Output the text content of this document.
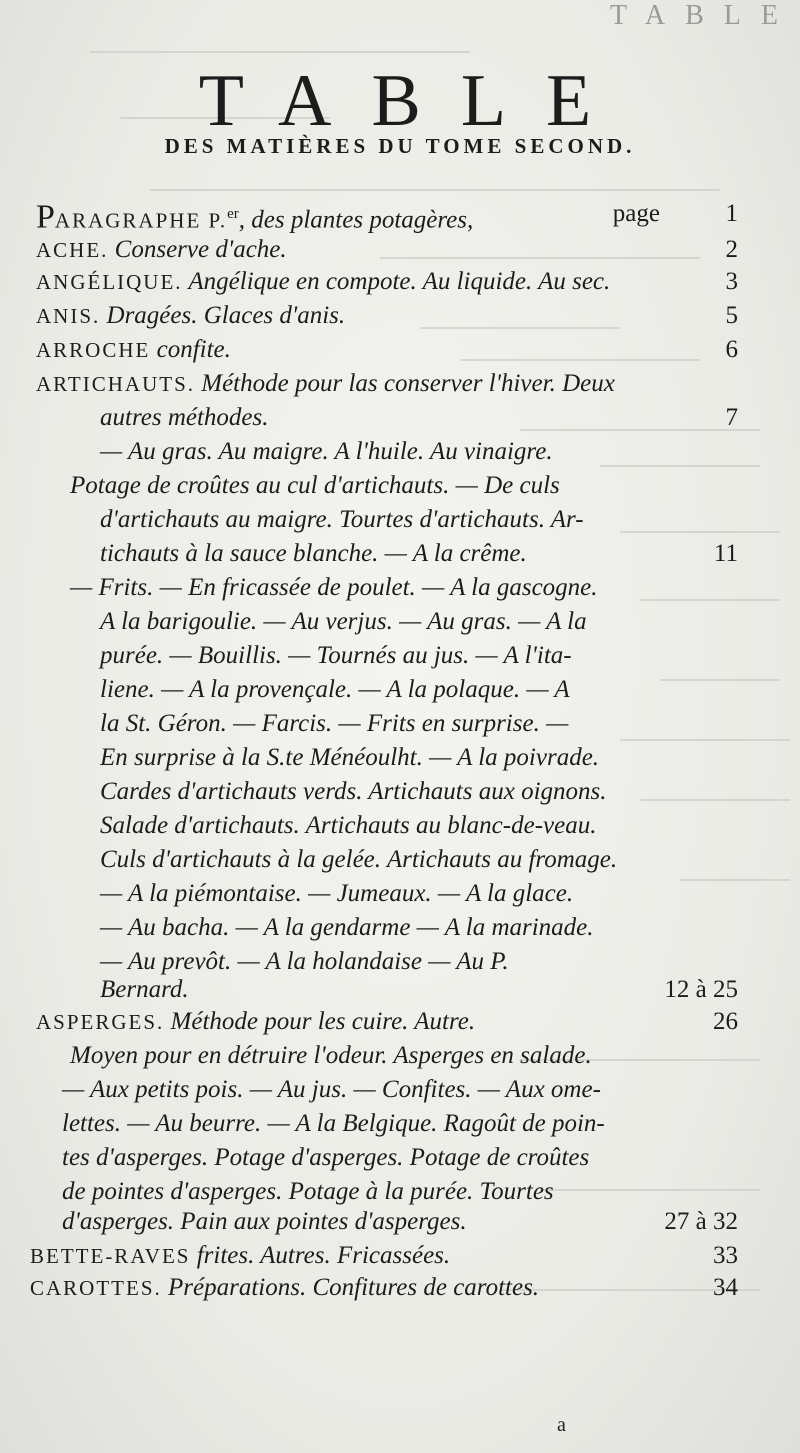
TABLE
TABLE
DES MATIÈRES DU TOME SECOND.
PARAGRAPHE P.$^{er}$, des plantes potagères,	page	1
ACHE. Conserve d'ache.	2
ANGÉLIQUE. Angélique en compote. Au liquide. Au sec.	3
ANIS. Dragées. Glaces d'anis.	5
ARROCHE confite.	6
ARTICHAUTS. Méthode pour las conserver l'hiver. Deux
autres méthodes.	7
— Au gras. Au maigre. A l'huile. Au vinaigre.
Potage de croûtes au cul d'artichauts. — De culs
d'artichauts au maigre. Tourtes d'artichauts. Ar-
tichauts à la sauce blanche. — A la crême.	11
— Frits. — En fricassée de poulet. — A la gascogne.
A la barigoulie. — Au verjus. — Au gras. — A la
purée. — Bouillis. — Tournés au jus. — A l'ita-
liene. — A la provençale. — A la polaque. — A
la St. Géron. — Farcis. — Frits en surprise. —
En surprise à la S.te Ménéoulht. — A la poivrade.
Cardes d'artichauts verds. Artichauts aux oignons.
Salade d'artichauts. Artichauts au blanc-de-veau.
Culs d'artichauts à la gelée. Artichauts au fromage.
— A la piémontaise. — Jumeaux. — A la glace.
— Au bacha. — A la gendarme — A la marinade.
— Au prevôt. — A la holandaise — Au P.
Bernard.	12 à 25
ASPERGES. Méthode pour les cuire. Autre.	26
Moyen pour en détruire l'odeur. Asperges en salade.
— Aux petits pois. — Au jus. — Confites. — Aux ome-
lettes. — Au beurre. — A la Belgique. Ragoût de poin-
tes d'asperges. Potage d'asperges. Potage de croûtes
de pointes d'asperges. Potage à la purée. Tourtes
d'asperges. Pain aux pointes d'asperges.	27 à 32
BETTE-RAVES frites. Autres. Fricassées.	33
CAROTTES. Préparations. Confitures de carottes.	34
a
